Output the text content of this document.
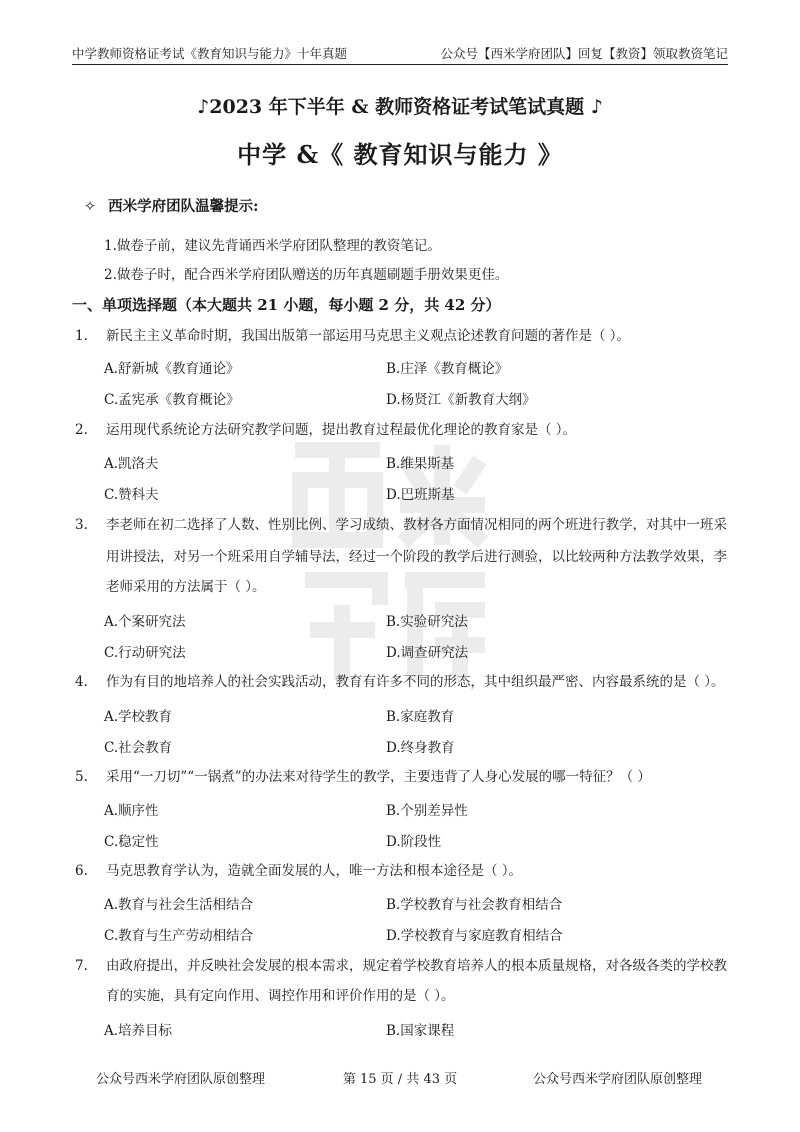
中学教师资格证考试《教育知识与能力》十年真题	公众号【西米学府团队】回复【教资】领取教资笔记
♪2023 年下半年 & 教师资格证考试笔试真题 ♪
中学 &《 教育知识与能力 》
✧ 西米学府团队温馨提示:
1.做卷子前，建议先背诵西米学府团队整理的教资笔记。
2.做卷子时，配合西米学府团队赠送的历年真题刷题手册效果更佳。
一、单项选择题（本大题共 21 小题，每小题 2 分，共 42 分）
1. 新民主主义革命时期，我国出版第一部运用马克思主义观点论述教育问题的著作是（ ）。
A.舒新城《教育通论》	B.庄泽《教育概论》
C.孟宪承《教育概论》	D.杨贤江《新教育大纲》
2. 运用现代系统论方法研究教学问题，提出教育过程最优化理论的教育家是（ ）。
A.凯洛夫	B.维果斯基
C.赞科夫	D.巴班斯基
3. 李老师在初二选择了人数、性别比例、学习成绩、教材各方面情况相同的两个班进行教学，对其中一班采
用讲授法，对另一个班采用自学辅导法，经过一个阶段的教学后进行测验，以比较两种方法教学效果，李
老师采用的方法属于（ ）。
A.个案研究法	B.实验研究法
C.行动研究法	D.调查研究法
4. 作为有目的地培养人的社会实践活动，教育有许多不同的形态，其中组织最严密、内容最系统的是（ ）。
A.学校教育	B.家庭教育
C.社会教育	D.终身教育
5. 采用“一刀切”“一锅煮”的办法来对待学生的教学，主要违背了人身心发展的哪一特征？（ ）
A.顺序性	B.个别差异性
C.稳定性	D.阶段性
6. 马克思教育学认为，造就全面发展的人，唯一方法和根本途径是（ ）。
A.教育与社会生活相结合	B.学校教育与社会教育相结合
C.教育与生产劳动相结合	D.学校教育与家庭教育相结合
7. 由政府提出，并反映社会发展的根本需求，规定着学校教育培养人的根本质量规格，对各级各类的学校教
育的实施，具有定向作用、调控作用和评价作用的是（ ）。
A.培养目标	B.国家课程
公众号西米学府团队原创整理	第 15 页 / 共 43 页	公众号西米学府团队原创整理
